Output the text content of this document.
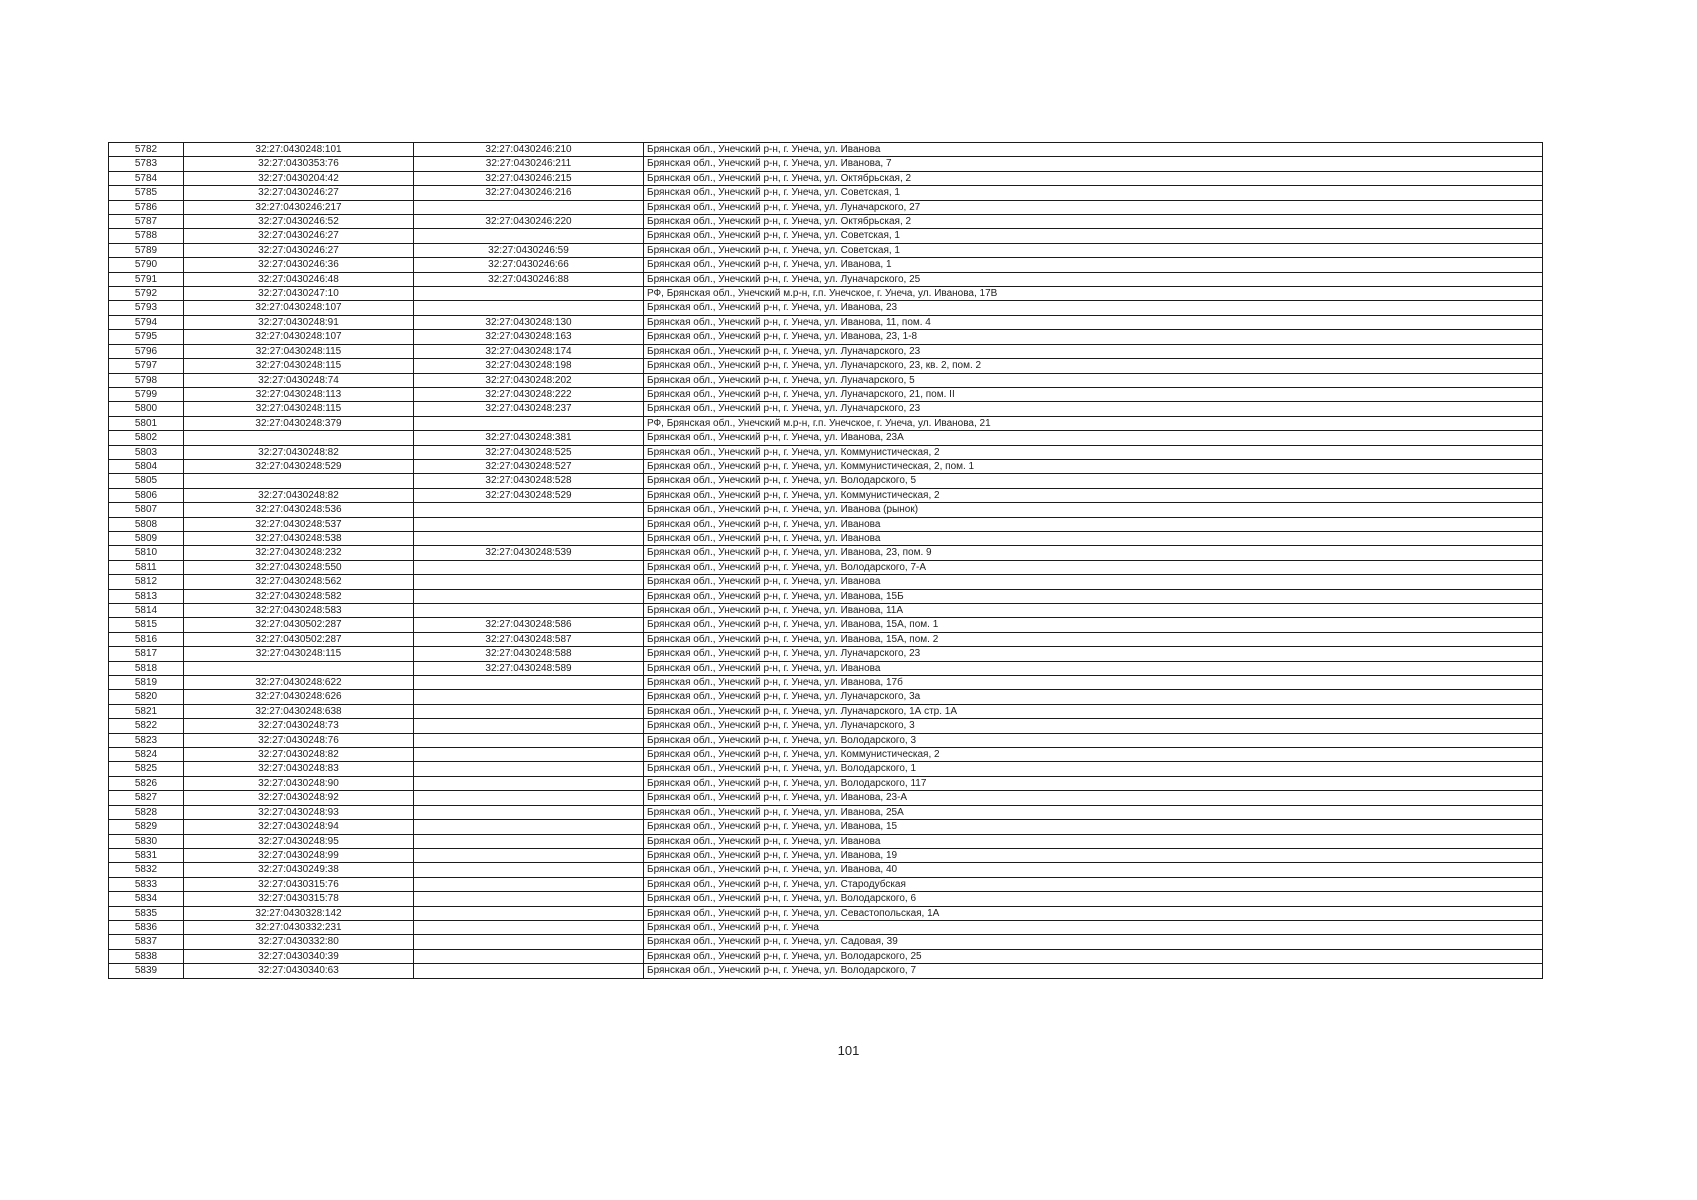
5782	32:27:0430248:101	32:27:0430246:210	Брянская обл., Унечский р-н, г. Унеча, ул. Иванова
5783	32:27:0430353:76	32:27:0430246:211	Брянская обл., Унечский р-н, г. Унеча, ул. Иванова, 7
5784	32:27:0430204:42	32:27:0430246:215	Брянская обл., Унечский р-н, г. Унеча, ул. Октябрьская, 2
5785	32:27:0430246:27	32:27:0430246:216	Брянская обл., Унечский р-н, г. Унеча, ул. Советская, 1
5786	32:27:0430246:217		Брянская обл., Унечский р-н, г. Унеча, ул. Луначарского, 27
5787	32:27:0430246:52	32:27:0430246:220	Брянская обл., Унечский р-н, г. Унеча, ул. Октябрьская, 2
5788	32:27:0430246:27		Брянская обл., Унечский р-н, г. Унеча, ул. Советская, 1
5789	32:27:0430246:27	32:27:0430246:59	Брянская обл., Унечский р-н, г. Унеча, ул. Советская, 1
5790	32:27:0430246:36	32:27:0430246:66	Брянская обл., Унечский р-н, г. Унеча, ул. Иванова, 1
5791	32:27:0430246:48	32:27:0430246:88	Брянская обл., Унечский р-н, г. Унеча, ул. Луначарского, 25
5792	32:27:0430247:10		РФ, Брянская обл., Унечский м.р-н, г.п. Унечское, г. Унеча, ул. Иванова, 17В
5793	32:27:0430248:107		Брянская обл., Унечский р-н, г. Унеча, ул. Иванова, 23
5794	32:27:0430248:91	32:27:0430248:130	Брянская обл., Унечский р-н, г. Унеча, ул. Иванова, 11, пом. 4
5795	32:27:0430248:107	32:27:0430248:163	Брянская обл., Унечский р-н, г. Унеча, ул. Иванова, 23, 1-8
5796	32:27:0430248:115	32:27:0430248:174	Брянская обл., Унечский р-н, г. Унеча, ул. Луначарского, 23
5797	32:27:0430248:115	32:27:0430248:198	Брянская обл., Унечский р-н, г. Унеча, ул. Луначарского, 23, кв. 2, пом. 2
5798	32:27:0430248:74	32:27:0430248:202	Брянская обл., Унечский р-н, г. Унеча, ул. Луначарского, 5
5799	32:27:0430248:113	32:27:0430248:222	Брянская обл., Унечский р-н, г. Унеча, ул. Луначарского, 21, пом. II
5800	32:27:0430248:115	32:27:0430248:237	Брянская обл., Унечский р-н, г. Унеча, ул. Луначарского, 23
5801	32:27:0430248:379		РФ, Брянская обл., Унечский м.р-н, г.п. Унечское, г. Унеча, ул. Иванова, 21
5802		32:27:0430248:381	Брянская обл., Унечский р-н, г. Унеча, ул. Иванова, 23А
5803	32:27:0430248:82	32:27:0430248:525	Брянская обл., Унечский р-н, г. Унеча, ул. Коммунистическая, 2
5804	32:27:0430248:529	32:27:0430248:527	Брянская обл., Унечский р-н, г. Унеча, ул. Коммунистическая, 2, пом. 1
5805		32:27:0430248:528	Брянская обл., Унечский р-н, г. Унеча, ул. Володарского, 5
5806	32:27:0430248:82	32:27:0430248:529	Брянская обл., Унечский р-н, г. Унеча, ул. Коммунистическая, 2
5807	32:27:0430248:536		Брянская обл., Унечский р-н, г. Унеча, ул. Иванова (рынок)
5808	32:27:0430248:537		Брянская обл., Унечский р-н, г. Унеча, ул. Иванова
5809	32:27:0430248:538		Брянская обл., Унечский р-н, г. Унеча, ул. Иванова
5810	32:27:0430248:232	32:27:0430248:539	Брянская обл., Унечский р-н, г. Унеча, ул. Иванова, 23, пом. 9
5811	32:27:0430248:550		Брянская обл., Унечский р-н, г. Унеча, ул. Володарского, 7-А
5812	32:27:0430248:562		Брянская обл., Унечский р-н, г. Унеча, ул. Иванова
5813	32:27:0430248:582		Брянская обл., Унечский р-н, г. Унеча, ул. Иванова, 15Б
5814	32:27:0430248:583		Брянская обл., Унечский р-н, г. Унеча, ул. Иванова, 11А
5815	32:27:0430502:287	32:27:0430248:586	Брянская обл., Унечский р-н, г. Унеча, ул. Иванова, 15А, пом. 1
5816	32:27:0430502:287	32:27:0430248:587	Брянская обл., Унечский р-н, г. Унеча, ул. Иванова, 15А, пом. 2
5817	32:27:0430248:115	32:27:0430248:588	Брянская обл., Унечский р-н, г. Унеча, ул. Луначарского, 23
5818		32:27:0430248:589	Брянская обл., Унечский р-н, г. Унеча, ул. Иванова
5819	32:27:0430248:622		Брянская обл., Унечский р-н, г. Унеча, ул. Иванова, 17б
5820	32:27:0430248:626		Брянская обл., Унечский р-н, г. Унеча, ул. Луначарского, 3а
5821	32:27:0430248:638		Брянская обл., Унечский р-н, г. Унеча, ул. Луначарского, 1А стр. 1А
5822	32:27:0430248:73		Брянская обл., Унечский р-н, г. Унеча, ул. Луначарского, 3
5823	32:27:0430248:76		Брянская обл., Унечский р-н, г. Унеча, ул. Володарского, 3
5824	32:27:0430248:82		Брянская обл., Унечский р-н, г. Унеча, ул. Коммунистическая, 2
5825	32:27:0430248:83		Брянская обл., Унечский р-н, г. Унеча, ул. Володарского, 1
5826	32:27:0430248:90		Брянская обл., Унечский р-н, г. Унеча, ул. Володарского, 117
5827	32:27:0430248:92		Брянская обл., Унечский р-н, г. Унеча, ул. Иванова, 23-А
5828	32:27:0430248:93		Брянская обл., Унечский р-н, г. Унеча, ул. Иванова, 25А
5829	32:27:0430248:94		Брянская обл., Унечский р-н, г. Унеча, ул. Иванова, 15
5830	32:27:0430248:95		Брянская обл., Унечский р-н, г. Унеча, ул. Иванова
5831	32:27:0430248:99		Брянская обл., Унечский р-н, г. Унеча, ул. Иванова, 19
5832	32:27:0430249:38		Брянская обл., Унечский р-н, г. Унеча, ул. Иванова, 40
5833	32:27:0430315:76		Брянская обл., Унечский р-н, г. Унеча, ул. Стародубская
5834	32:27:0430315:78		Брянская обл., Унечский р-н, г. Унеча, ул. Володарского, 6
5835	32:27:0430328:142		Брянская обл., Унечский р-н, г. Унеча, ул. Севастопольская, 1А
5836	32:27:0430332:231		Брянская обл., Унечский р-н, г. Унеча
5837	32:27:0430332:80		Брянская обл., Унечский р-н, г. Унеча, ул. Садовая, 39
5838	32:27:0430340:39		Брянская обл., Унечский р-н, г. Унеча, ул. Володарского, 25
5839	32:27:0430340:63		Брянская обл., Унечский р-н, г. Унеча, ул. Володарского, 7
101
